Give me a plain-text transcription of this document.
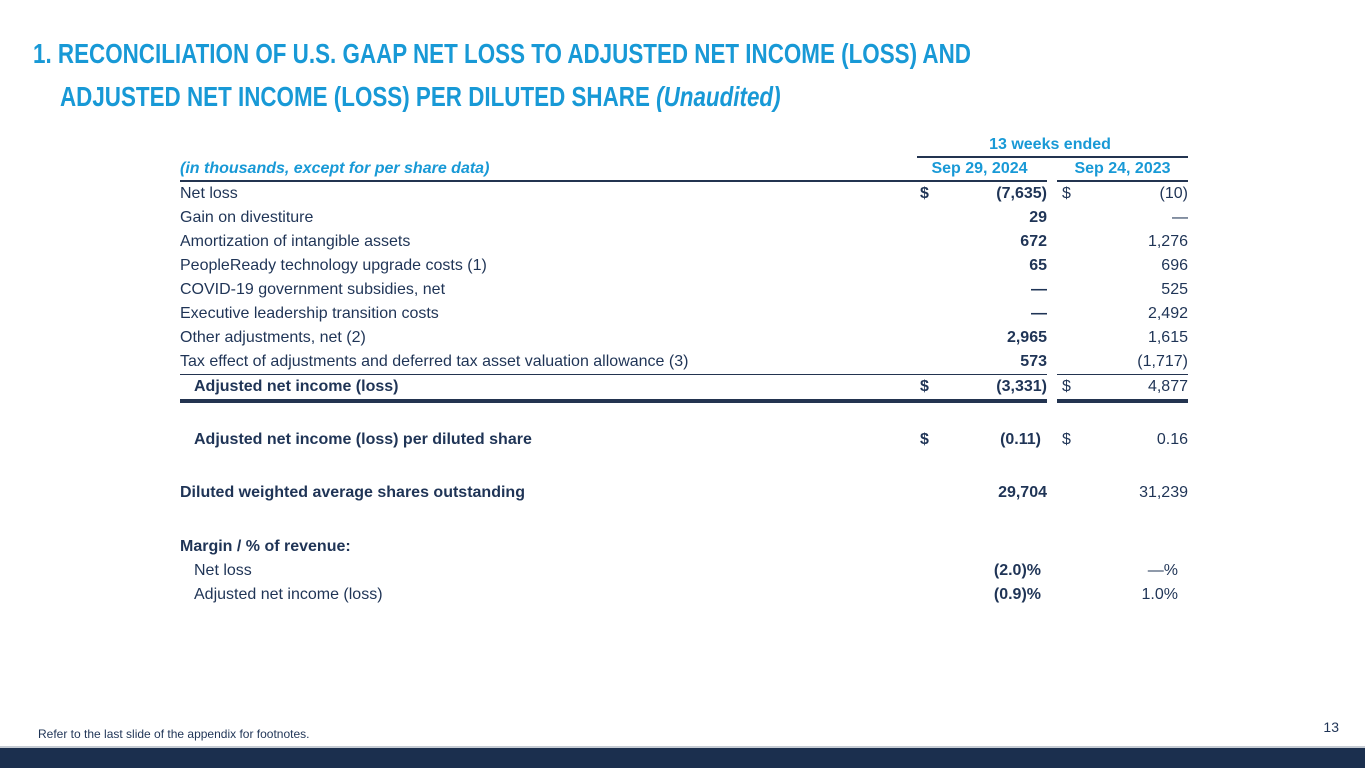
1. RECONCILIATION OF U.S. GAAP NET LOSS TO ADJUSTED NET INCOME (LOSS) AND
ADJUSTED NET INCOME (LOSS) PER DILUTED SHARE (Unaudited)
13 weeks ended
(in thousands, except for per share data)	Sep 29, 2024	Sep 24, 2023
Net loss	$	(7,635) $	(10)
Gain on divestiture	29	—
Amortization of intangible assets	672	1,276
PeopleReady technology upgrade costs (1)	65	696
COVID-19 government subsidies, net	—	525
Executive leadership transition costs	—	2,492
Other adjustments, net (2)	2,965	1,615
Tax effect of adjustments and deferred tax asset valuation allowance (3)	573	(1,717)
Adjusted net income (loss)	$	(3,331) $	4,877
Adjusted net income (loss) per diluted share	$	(0.11)	$	0.16
Diluted weighted average shares outstanding	29,704	31,239
Margin / % of revenue:
Net loss	(2.0)%	—%
Adjusted net income (loss)	(0.9)%	1.0%
Refer to the last slide of the appendix for footnotes.	13
